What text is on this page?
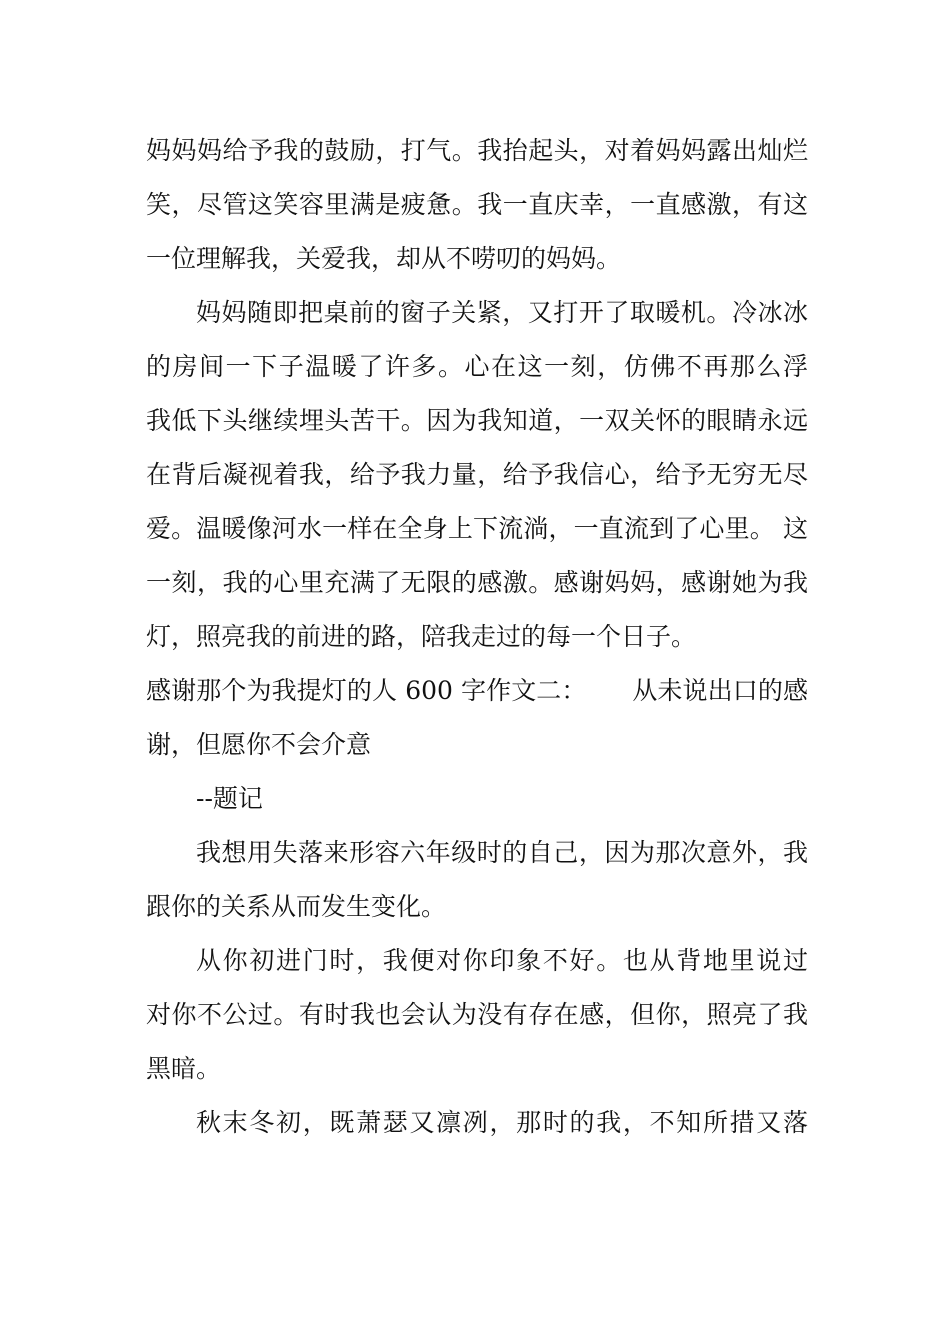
妈妈妈给予我的鼓励，打气。我抬起头，对着妈妈露出灿烂
笑，尽管这笑容里满是疲惫。我一直庆幸，一直感激，有这
一位理解我，关爱我，却从不唠叨的妈妈。
妈妈随即把桌前的窗子关紧，又打开了取暖机。冷冰冰
的房间一下子温暖了许多。心在这一刻，仿佛不再那么浮
我低下头继续埋头苦干。因为我知道，一双关怀的眼睛永远
在背后凝视着我，给予我力量，给予我信心，给予无穷无尽
爱。温暖像河水一样在全身上下流淌，一直流到了心里。 这
一刻，我的心里充满了无限的感激。感谢妈妈，感谢她为我
灯，照亮我的前进的路，陪我走过的每一个日子。
感谢那个为我提灯的人 600 字作文二：　　 从未说出口的感
谢，但愿你不会介意
--题记
我想用失落来形容六年级时的自己，因为那次意外，我
跟你的关系从而发生变化。
从你初进门时，我便对你印象不好。也从背地里说过
对你不公过。有时我也会认为没有存在感，但你，照亮了我
黑暗。
秋末冬初，既萧瑟又凛冽，那时的我，不知所措又落
